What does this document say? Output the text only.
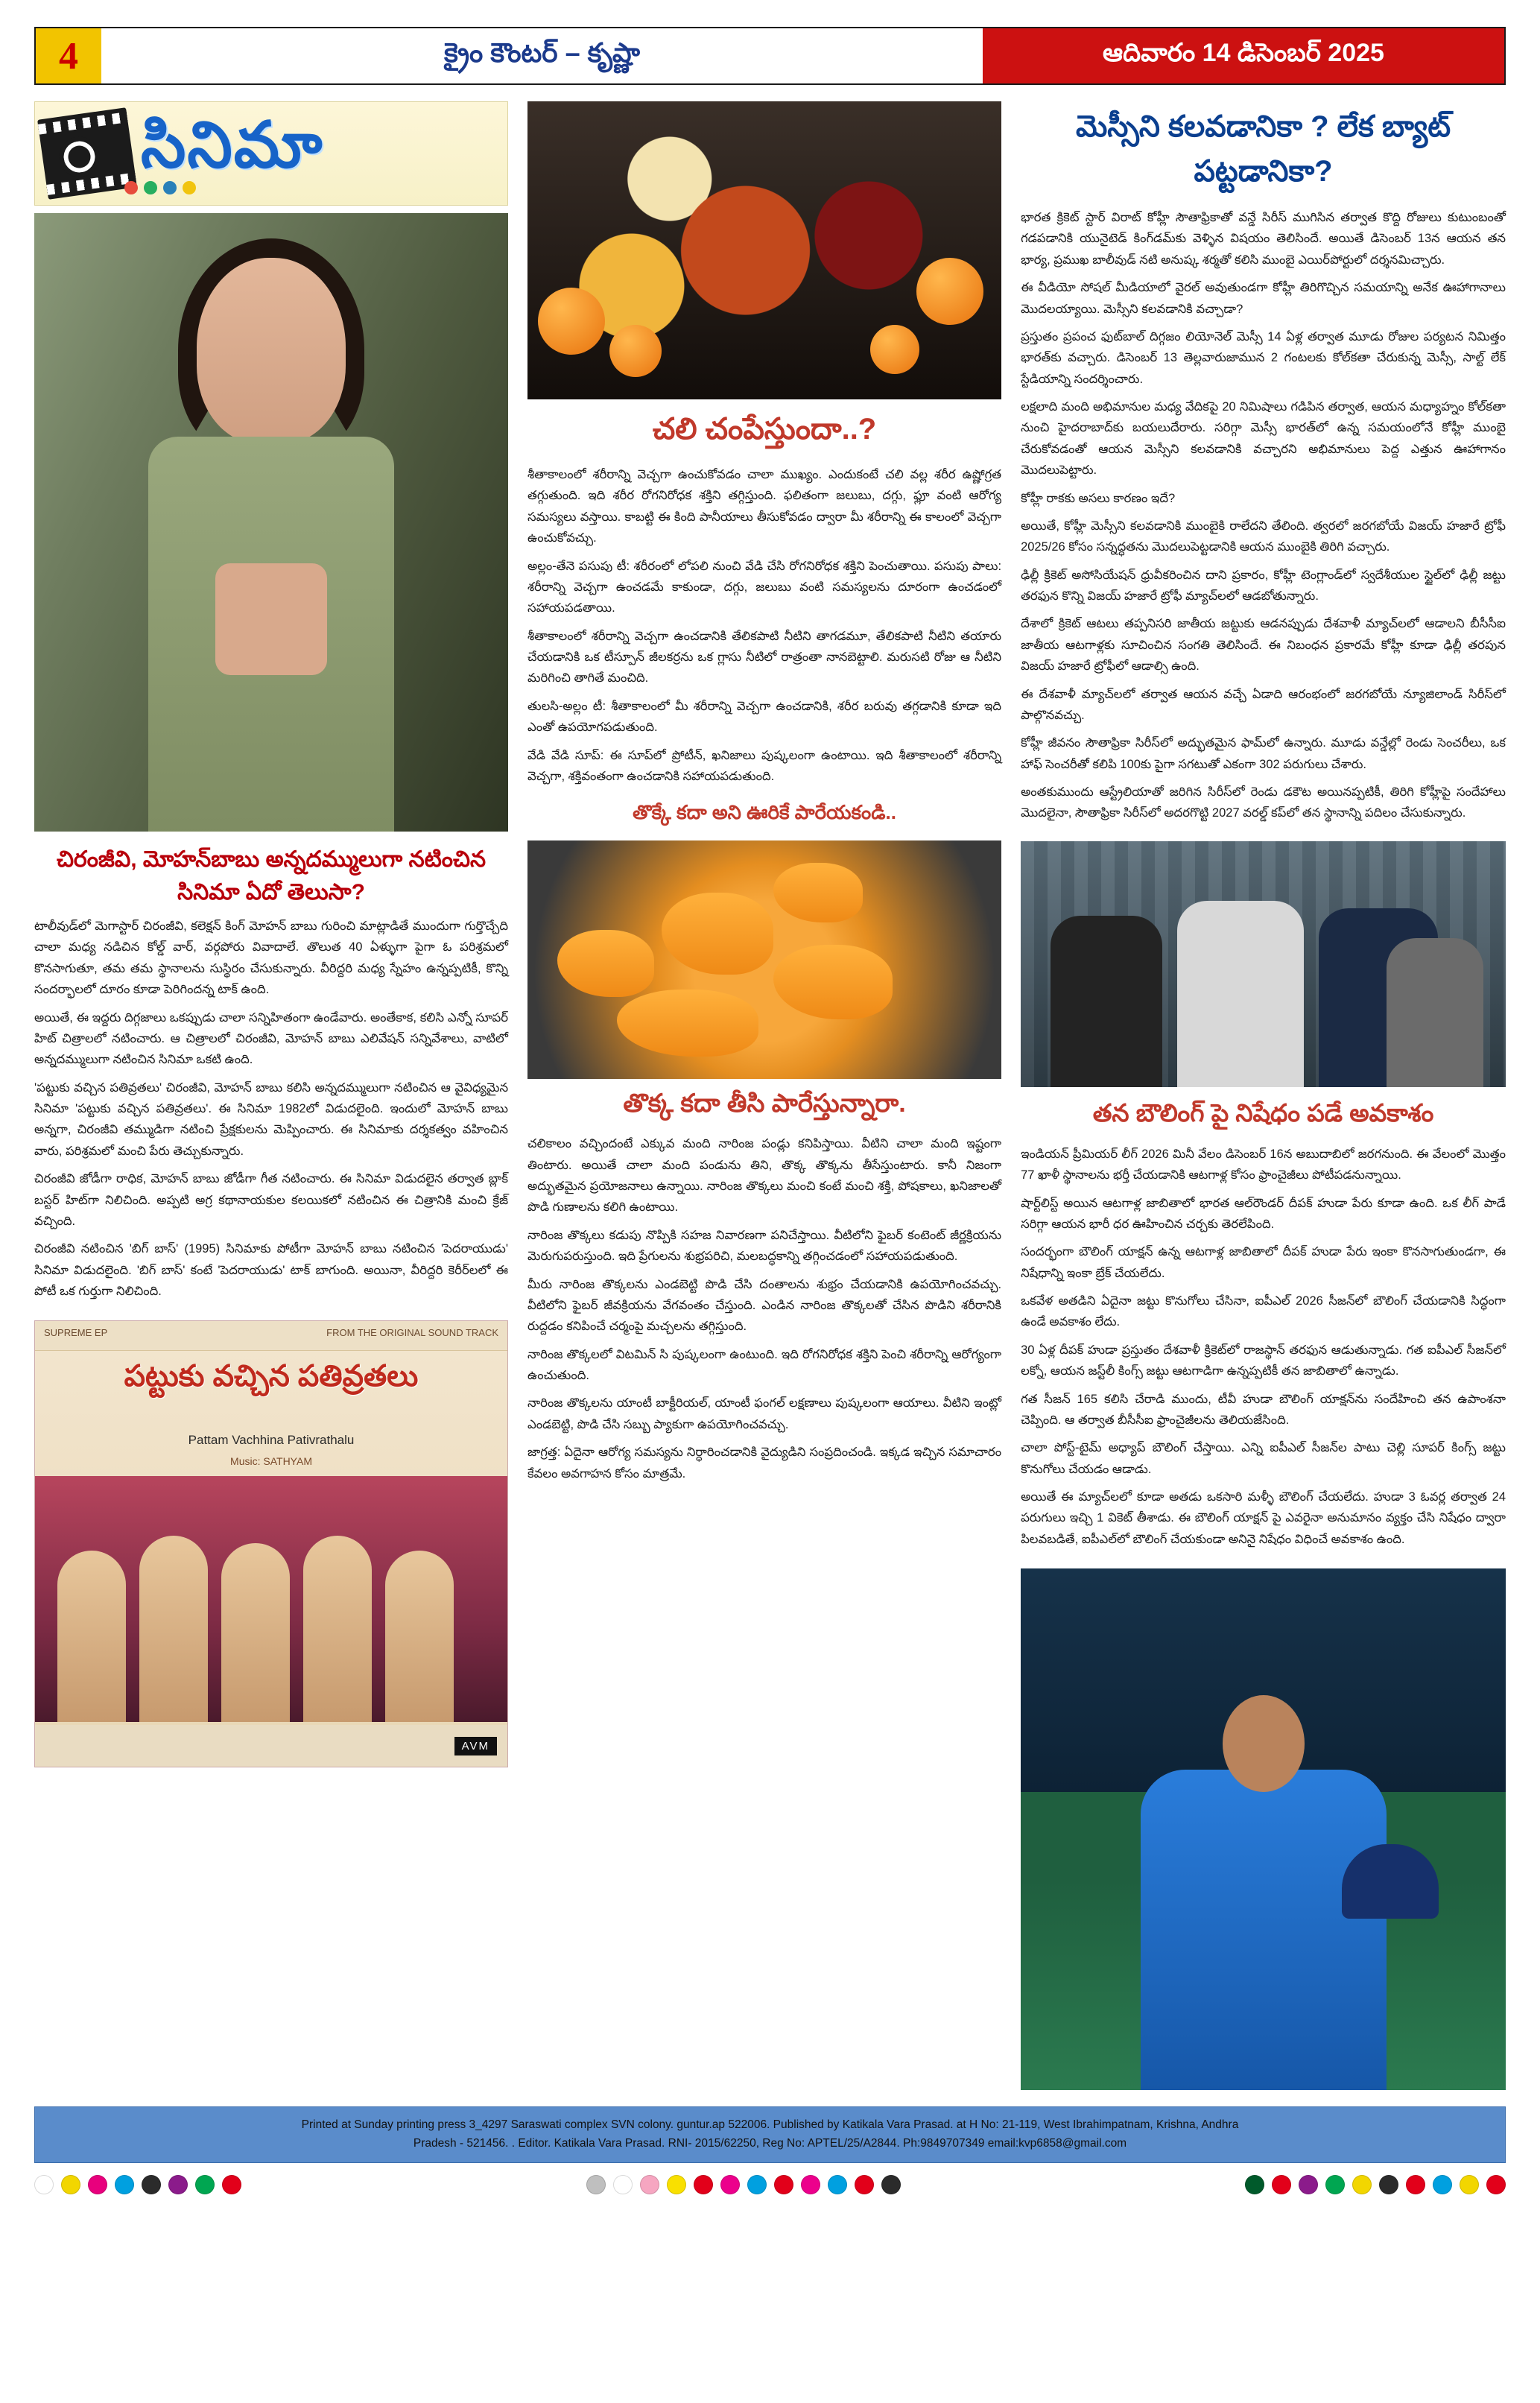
4	క్రైం కౌంటర్ – కృష్ణా	ఆదివారం 14 డిసెంబర్ 2025
సినిమా
చిరంజీవి, మోహన్‌బాబు అన్నదమ్ములుగా నటించిన సినిమా ఏదో తెలుసా?

టాలీవుడ్‌లో మెగాస్టార్ చిరంజీవి, కలెక్షన్ కింగ్ మోహన్ బాబు గురించి మాట్లాడితే ముందుగా గుర్తొచ్చేది చాలా మధ్య నడిచిన కోల్డ్ వార్, వర్గపోరు వివాదాలే. తొలుత 40 ఏళ్ళుగా పైగా ఓ పరిశ్రమలో కొనసాగుతూ, తమ తమ స్థానాలను సుస్థిరం చేసుకున్నారు. వీరిద్దరి మధ్య స్నేహం ఉన్నప్పటికీ, కొన్ని సందర్భాలలో దూరం కూడా పెరిగిందన్న టాక్ ఉంది.

అయితే, ఈ ఇద్దరు దిగ్గజాలు ఒకప్పుడు చాలా సన్నిహితంగా ఉండేవారు. అంతేకాక, కలిసి ఎన్నో సూపర్ హిట్ చిత్రాలలో నటించారు. ఆ చిత్రాలలో చిరంజీవి, మోహన్ బాబు ఎలివేషన్ సన్నివేశాలు, వాటిలో అన్నదమ్ములుగా నటించిన సినిమా ఒకటి ఉంది.

'పట్టుకు వచ్చిన పతివ్రతలు' చిరంజీవి, మోహన్ బాబు కలిసి అన్నదమ్ములుగా నటించిన ఆ వైవిధ్యమైన సినిమా 'పట్టుకు వచ్చిన పతివ్రతలు'. ఈ సినిమా 1982లో విడుదలైంది. ఇందులో మోహన్ బాబు అన్నగా, చిరంజీవి తమ్ముడిగా నటించి ప్రేక్షకులను మెప్పించారు. ఈ సినిమాకు దర్శకత్వం వహించిన వారు, పరిశ్రమలో మంచి పేరు తెచ్చుకున్నారు.

చిరంజీవి జోడీగా రాధిక, మోహన్ బాబు జోడీగా గీత నటించారు. ఈ సినిమా విడుదలైన తర్వాత బ్లాక్ బస్టర్ హిట్‌గా నిలిచింది. అప్పటి అగ్ర కథానాయకుల కలయికలో నటించిన ఈ చిత్రానికి మంచి క్రేజ్ వచ్చింది.

చిరంజీవి నటించిన 'బిగ్ బాస్' (1995) సినిమాకు పోటీగా మోహన్ బాబు నటించిన 'పెదరాయుడు' సినిమా విడుదలైంది. 'బిగ్ బాస్' కంటే 'పెదరాయుడు' టాక్ బాగుంది. అయినా, వీరిద్దరి కెరీర్‌లలో ఈ పోటీ ఒక గుర్తుగా నిలిచింది.

SUPREME EP	FROM THE ORIGINAL SOUND TRACK
పట్టుకు వచ్చిన పతివ్రతలు
Pattam Vachhina Pativrathalu
Music: SATHYAM
AVM
చలి చంపేస్తుందా..?

శీతాకాలంలో శరీరాన్ని వెచ్చగా ఉంచుకోవడం చాలా ముఖ్యం. ఎందుకంటే చలి వల్ల శరీర ఉష్ణోగ్రత తగ్గుతుంది. ఇది శరీర రోగనిరోధక శక్తిని తగ్గిస్తుంది. ఫలితంగా జలుబు, దగ్గు, ఫ్లూ వంటి ఆరోగ్య సమస్యలు వస్తాయి. కాబట్టి ఈ కింది పానీయాలు తీసుకోవడం ద్వారా మీ శరీరాన్ని ఈ కాలంలో వెచ్చగా ఉంచుకోవచ్చు.

అల్లం-తేనె పసుపు టీ: శరీరంలో లోపలి నుంచి వేడి చేసి రోగనిరోధక శక్తిని పెంచుతాయి. పసుపు పాలు: శరీరాన్ని వెచ్చగా ఉంచడమే కాకుండా, దగ్గు, జలుబు వంటి సమస్యలను దూరంగా ఉంచడంలో సహాయపడతాయి.

శీతాకాలంలో శరీరాన్ని వెచ్చగా ఉంచడానికి తేలికపాటి నీటిని తాగడమూ, తేలికపాటి నీటిని తయారు చేయడానికి ఒక టీస్పూన్ జీలకర్రను ఒక గ్లాసు నీటిలో రాత్రంతా నానబెట్టాలి. మరుసటి రోజు ఆ నీటిని మరిగించి తాగితే మంచిది.

తులసి-అల్లం టీ: శీతాకాలంలో మీ శరీరాన్ని వెచ్చగా ఉంచడానికి, శరీర బరువు తగ్గడానికి కూడా ఇది ఎంతో ఉపయోగపడుతుంది.

వేడి వేడి సూప్: ఈ సూప్‌లో ప్రోటీన్, ఖనిజాలు పుష్కలంగా ఉంటాయి. ఇది శీతాకాలంలో శరీరాన్ని వెచ్చగా, శక్తివంతంగా ఉంచడానికి సహాయపడుతుంది.

తొక్కే కదా అని ఊరికే పారేయకండి..
తొక్క కదా తీసి పారేస్తున్నారా.

చలికాలం వచ్చిందంటే ఎక్కువ మంది నారింజ పండ్లు కనిపిస్తాయి. వీటిని చాలా మంది ఇష్టంగా తింటారు. అయితే చాలా మంది పండును తిని, తొక్క తొక్కను తీసేస్తుంటారు. కానీ నిజంగా అద్భుతమైన ప్రయోజనాలు ఉన్నాయి. నారింజ తొక్కలు మంచి కంటే మంచి శక్తి, పోషకాలు, ఖనిజాలతో పొడి గుణాలను కలిగి ఉంటాయి.

నారింజ తొక్కలు కడుపు నొప్పికి సహజ నివారణగా పనిచేస్తాయి. వీటిలోని ఫైబర్ కంటెంట్ జీర్ణక్రియను మెరుగుపరుస్తుంది. ఇది ప్రేగులను శుభ్రపరిచి, మలబద్ధకాన్ని తగ్గించడంలో సహాయపడుతుంది.

మీరు నారింజ తొక్కలను ఎండబెట్టి పొడి చేసి దంతాలను శుభ్రం చేయడానికి ఉపయోగించవచ్చు. వీటిలోని ఫైబర్ జీవక్రియను వేగవంతం చేస్తుంది. ఎండిన నారింజ తొక్కలతో చేసిన పొడిని శరీరానికి రుద్దడం కనిపించే చర్మంపై మచ్చలను తగ్గిస్తుంది.

నారింజ తొక్కలలో విటమిన్ సి పుష్కలంగా ఉంటుంది. ఇది రోగనిరోధక శక్తిని పెంచి శరీరాన్ని ఆరోగ్యంగా ఉంచుతుంది.

నారింజ తొక్కలను యాంటీ బాక్టీరియల్, యాంటీ ఫంగల్ లక్షణాలు పుష్కలంగా ఆయాలు. వీటిని ఇంట్లో ఎండబెట్టి, పొడి చేసి సబ్బు ప్యాకుగా ఉపయోగించవచ్చు.

జాగ్రత్త: ఏదైనా ఆరోగ్య సమస్యను నిర్ధారించడానికి వైద్యుడిని సంప్రదించండి. ఇక్కడ ఇచ్చిన సమాచారం కేవలం అవగాహన కోసం మాత్రమే.

మెస్సీని కలవడానికా ? లేక బ్యాట్ పట్టడానికా?

భారత క్రికెట్ స్టార్ విరాట్ కోహ్లీ సౌతాఫ్రికాతో వన్డే సిరీస్ ముగిసిన తర్వాత కొద్ది రోజులు కుటుంబంతో గడపడానికి యునైటెడ్ కింగ్‌డమ్‌కు వెళ్ళిన విషయం తెలిసిందే. అయితే డిసెంబర్ 13న ఆయన తన భార్య, ప్రముఖ బాలీవుడ్ నటి అనుష్క శర్మతో కలిసి ముంబై ఎయిర్‌పోర్టులో దర్శనమిచ్చారు.

ఈ వీడియో సోషల్ మీడియాలో వైరల్ అవుతుండగా కోహ్లీ తిరిగొచ్చిన సమయాన్ని అనేక ఊహాగానాలు మొదలయ్యాయి. మెస్సీని కలవడానికి వచ్చాడా?

ప్రస్తుతం ప్రపంచ ఫుట్‌బాల్ దిగ్గజం లియోనెల్ మెస్సీ 14 ఏళ్ల తర్వాత మూడు రోజుల పర్యటన నిమిత్తం భారత్‌కు వచ్చారు. డిసెంబర్ 13 తెల్లవారుజామున 2 గంటలకు కోల్‌కతా చేరుకున్న మెస్సీ, సాల్ట్ లేక్ స్టేడియాన్ని సందర్శించారు.

లక్షలాది మంది అభిమానుల మధ్య వేదికపై 20 నిమిషాలు గడిపిన తర్వాత, ఆయన మధ్యాహ్నం కోల్‌కతా నుంచి హైదరాబాద్‌కు బయలుదేరారు. సరిగ్గా మెస్సీ భారత్‌లో ఉన్న సమయంలోనే కోహ్లీ ముంబై చేరుకోవడంతో ఆయన మెస్సీని కలవడానికి వచ్చారని అభిమానులు పెద్ద ఎత్తున ఊహాగానం మొదలుపెట్టారు.

కోహ్లీ రాకకు అసలు కారణం ఇదే?

అయితే, కోహ్లీ మెస్సీని కలవడానికి ముంబైకి రాలేదని తేలింది. త్వరలో జరగబోయే విజయ్ హజారే ట్రోఫీ 2025/26 కోసం సన్నద్ధతను మొదలుపెట్టడానికి ఆయన ముంబైకి తిరిగి వచ్చారు.

ఢిల్లీ క్రికెట్ అసోసియేషన్ ధ్రువీకరించిన దాని ప్రకారం, కోహ్లీ టెంగ్లాండ్‌లో స్వదేశీయుల స్టైల్‌లో ఢిల్లీ జట్టు తరఫున కొన్ని విజయ్ హజారే ట్రోఫీ మ్యాచ్‌లలో ఆడబోతున్నారు.

దేశాలో క్రికెట్ ఆటలు తప్పనిసరి జాతీయ జట్టుకు ఆడనప్పుడు దేశవాళీ మ్యాచ్‌లలో ఆడాలని బీసీసీఐ జాతీయ ఆటగాళ్లకు సూచించిన సంగతి తెలిసిందే. ఈ నిబంధన ప్రకారమే కోహ్లీ కూడా ఢిల్లీ తరపున విజయ్ హజారే ట్రోఫీలో ఆడాల్సి ఉంది.

ఈ దేశవాళీ మ్యాచ్‌లలో తర్వాత ఆయన వచ్చే ఏడాది ఆరంభంలో జరగబోయే న్యూజిలాండ్ సిరీస్‌లో పాల్గొనవచ్చు.

కోహ్లీ జీవనం సౌతాఫ్రికా సిరీస్‌లో అద్భుతమైన ఫామ్‌లో ఉన్నారు. మూడు వన్డేల్లో రెండు సెంచరీలు, ఒక హాఫ్ సెంచరీతో కలిపి 100కు పైగా సగటుతో ఎకంగా 302 పరుగులు చేశారు.

అంతకుముందు ఆస్ట్రేలియాతో జరిగిన సిరీస్‌లో రెండు డకౌట అయినప్పటికీ, తిరిగి కోహ్లీపై సందేహాలు మొదలైనా, సౌతాఫ్రికా సిరీస్‌లో అదరగొట్టి 2027 వరల్డ్ కప్‌లో తన స్థానాన్ని పదిలం చేసుకున్నారు.

తన బౌలింగ్ పై నిషేధం పడే అవకాశం

ఇండియన్ ప్రీమియర్ లీగ్ 2026 మినీ వేలం డిసెంబర్ 16న అబుదాబిలో జరగనుంది. ఈ వేలంలో మొత్తం 77 ఖాళీ స్థానాలను భర్తీ చేయడానికి ఆటగాళ్ల కోసం ఫ్రాంచైజీలు పోటీపడనున్నాయి.

షార్ట్‌లిస్ట్ అయిన ఆటగాళ్ల జాబితాలో భారత ఆల్‌రౌండర్ దీపక్ హుడా పేరు కూడా ఉంది. ఒక లీగ్ పాడే సరిగ్గా ఆయన భారీ ధర ఊహించిన చర్చకు తెరలేపింది.

సందర్భంగా బౌలింగ్ యాక్షన్ ఉన్న ఆటగాళ్ల జాబితాలో దీపక్ హుడా పేరు ఇంకా కొనసాగుతుండగా, ఈ నిషేధాన్ని ఇంకా బ్రేక్ చేయలేదు.

ఒకవేళ అతడిని ఏదైనా జట్టు కొనుగోలు చేసినా, ఐపీఎల్ 2026 సీజన్‌లో బౌలింగ్ చేయడానికి సిద్ధంగా ఉండే అవకాశం లేదు.

30 ఏళ్ల దీపక్ హుడా ప్రస్తుతం దేశవాళీ క్రికెట్‌లో రాజస్థాన్ తరఫున ఆడుతున్నాడు. గత ఐపీఎల్ సీజన్‌లో లక్నో, ఆయన జస్ట్‌లీ కింగ్స్ జట్టు ఆటగాడిగా ఉన్నప్పటికీ తన జాబితాలో ఉన్నాడు.

గత సీజన్ 165 కలిసి చేరాడి ముందు, టీవీ హుడా బౌలింగ్ యాక్షన్‌ను సందేహించి తన ఉపాంశనా చెప్పింది. ఆ తర్వాత బీసీసీఐ ఫ్రాంచైజీలను తెలియజేసింది.

చాలా పోస్ట్-టైమ్ అధ్యాప్ బౌలింగ్ చేస్తాయి. ఎన్ని ఐపీఎల్ సీజన్‌ల పాటు చెల్లి సూపర్ కింగ్స్ జట్టు కొనుగోలు చేయడం ఆడాడు.

అయితే ఈ మ్యాచ్‌లలో కూడా అతడు ఒకసారి మళ్ళీ బౌలింగ్ చేయలేదు. హుడా 3 ఓవర్ల తర్వాత 24 పరుగులు ఇచ్చి 1 వికెట్ తీశాడు. ఈ బౌలింగ్ యాక్షన్ పై ఎవరైనా అనుమానం వ్యక్తం చేసి నిషేధం ద్వారా పిలవబడితే, ఐపీఎల్‌లో బౌలింగ్ చేయకుండా అనినై నిషేధం విధించే అవకాశం ఉంది.

Printed at Sunday printing press 3_4297 Saraswati complex SVN colony. guntur.ap 522006. Published by Katikala Vara Prasad. at H No: 21-119, West Ibrahimpatnam, Krishna, Andhra
Pradesh - 521456. . Editor. Katikala Vara Prasad. RNI- 2015/62250, Reg No: APTEL/25/A2844. Ph:9849707349 email:kvp6858@gmail.com
